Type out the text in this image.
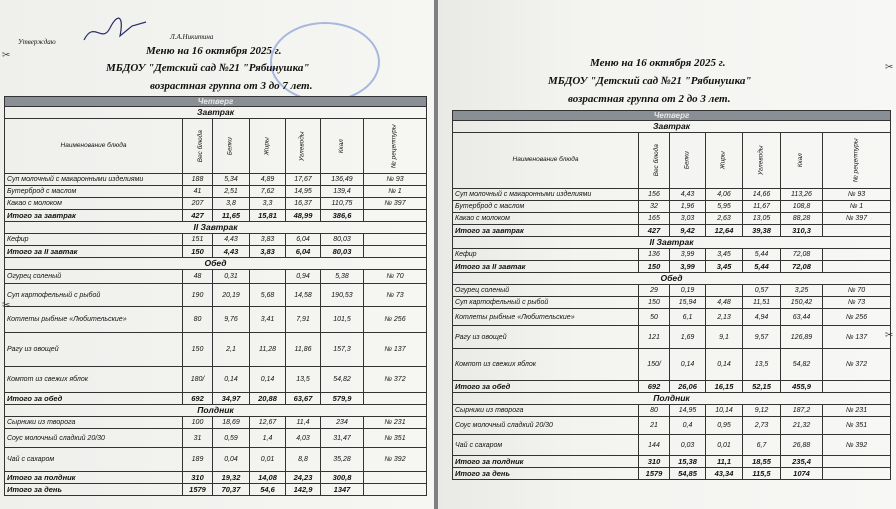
✂
✂
Утверждаю
Л.А.Никитина
Меню на 16 октября 2025 г.
МБДОУ "Детский сад №21 "Рябинушка"
возрастная группа от 3 до 7 лет.
Четверг						
Завтрак						
Наименование блюда	Вес блюда	Белки	Жиры	Углеводы	Ккал	№ рецептуры
Суп молочный с макаронными изделиями	188	5,34	4,89	17,67	136,49	№ 93
Бутерброд с маслом	41	2,51	7,62	14,95	139,4	№ 1
Какао с молоком	207	3,8	3,3	16,37	110,75	№ 397
Итого за завтрак	427	11,65	15,81	48,99	386,6	
II Завтрак						
Кефир	151	4,43	3,83	6,04	80,03	
Итого за II завтак	150	4,43	3,83	6,04	80,03	
Обед						
Огурец соленый	48	0,31		0,94	5,38	№ 70
Суп картофельный с рыбой	190	20,19	5,68	14,58	190,53	№ 73
Котлеты рыбные «Любительские»	80	9,76	3,41	7,91	101,5	№ 256
Рагу из овощей	150	2,1	11,28	11,86	157,3	№ 137
Компот из свежих яблок	180/	0,14	0,14	13,5	54,82	№ 372
Итого за обед	692	34,97	20,88	63,67	579,9	
Полдник						
Сырники из творога	100	18,69	12,67	11,4	234	№ 231
Соус молочный сладкий 20/30	31	0,59	1,4	4,03	31,47	№ 351
Чай с сахаром	189	0,04	0,01	8,8	35,28	№ 392
Итого за полдник	310	19,32	14,08	24,23	300,8	
Итого за день	1579	70,37	54,6	142,9	1347	
✂
✂
Меню на 16 октября 2025 г.
МБДОУ "Детский сад №21 "Рябинушка"
возрастная группа от 2 до 3 лет.
Четверг						
Завтрак						
Наименование блюда	Вес блюда	Белки	Жиры	Углеводы	Ккал	№ рецептуры
Суп молочный с макаронными изделиями	156	4,43	4,06	14,66	113,26	№ 93
Бутерброд с маслом	32	1,96	5,95	11,67	108,8	№ 1
Какао с молоком	165	3,03	2,63	13,05	88,28	№ 397
Итого за завтрак	427	9,42	12,64	39,38	310,3	
II Завтрак						
Кефир	136	3,99	3,45	5,44	72,08	
Итого за II завтак	150	3,99	3,45	5,44	72,08	
Обед						
Огурец соленый	29	0,19		0,57	3,25	№ 70
Суп картофельный с рыбой	150	15,94	4,48	11,51	150,42	№ 73
Котлеты рыбные «Любительские»	50	6,1	2,13	4,94	63,44	№ 256
Рагу из овощей	121	1,69	9,1	9,57	126,89	№ 137
Компот из свежих яблок	150/	0,14	0,14	13,5	54,82	№ 372
Итого за обед	692	26,06	16,15	52,15	455,9	
Полдник						
Сырники из творога	80	14,95	10,14	9,12	187,2	№ 231
Соус молочный сладкий 20/30	21	0,4	0,95	2,73	21,32	№ 351
Чай с сахаром	144	0,03	0,01	6,7	26,88	№ 392
Итого за полдник	310	15,38	11,1	18,55	235,4	
Итого за день	1579	54,85	43,34	115,5	1074	
